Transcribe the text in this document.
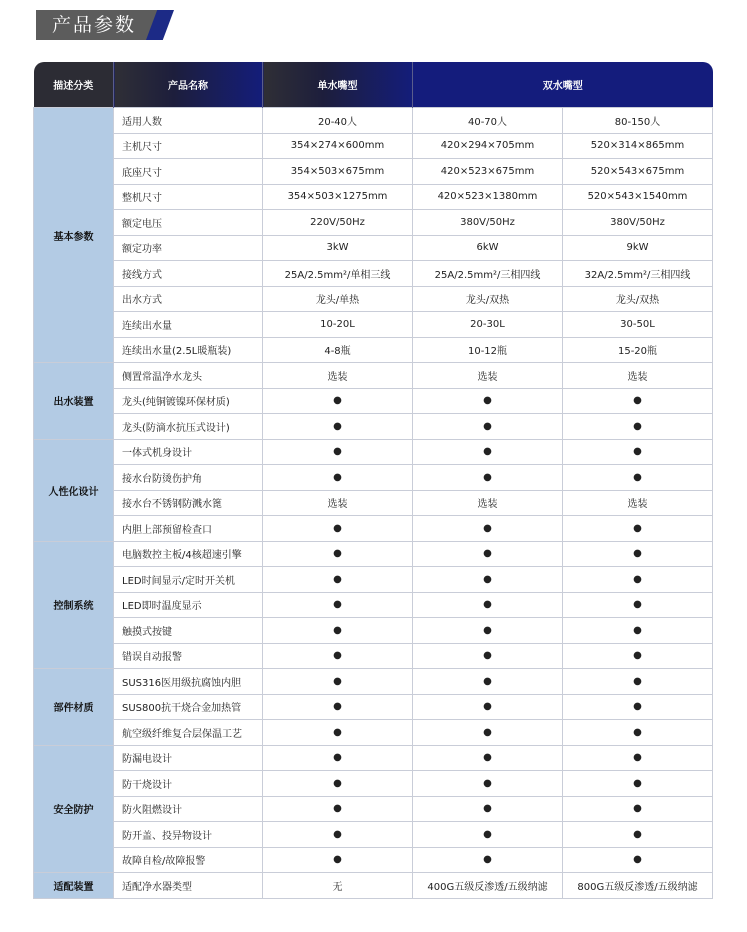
产品参数
描述分类	产品名称	单水嘴型	双水嘴型	
基本参数	适用人数	20-40人	40-70人	80-150人
	主机尺寸	354×274×600mm	420×294×705mm	520×314×865mm
	底座尺寸	354×503×675mm	420×523×675mm	520×543×675mm
	整机尺寸	354×503×1275mm	420×523×1380mm	520×543×1540mm
	额定电压	220V/50Hz	380V/50Hz	380V/50Hz
	额定功率	3kW	6kW	9kW
	接线方式	25A/2.5mm²/单相三线	25A/2.5mm²/三相四线	32A/2.5mm²/三相四线
	出水方式	龙头/单热	龙头/双热	龙头/双热
	连续出水量	10-20L	20-30L	30-50L
	连续出水量(2.5L暖瓶装)	4-8瓶	10-12瓶	15-20瓶
出水装置	侧置常温净水龙头	选装	选装	选装
	龙头(纯铜镀镍环保材质)	●	●	●
	龙头(防滴水抗压式设计)	●	●	●
人性化设计	一体式机身设计	●	●	●
	接水台防烫伤护角	●	●	●
	接水台不锈钢防溅水篦	选装	选装	选装
	内胆上部预留检查口	●	●	●
控制系统	电脑数控主板/4核超速引擎	●	●	●
	LED时间显示/定时开关机	●	●	●
	LED即时温度显示	●	●	●
	触摸式按键	●	●	●
	错误自动报警	●	●	●
部件材质	SUS316医用级抗腐蚀内胆	●	●	●
	SUS800抗干烧合金加热管	●	●	●
	航空级纤维复合层保温工艺	●	●	●
安全防护	防漏电设计	●	●	●
	防干烧设计	●	●	●
	防火阻燃设计	●	●	●
	防开盖、投异物设计	●	●	●
	故障自检/故障报警	●	●	●
适配装置	适配净水器类型	无	400G五级反渗透/五级纳滤	800G五级反渗透/五级纳滤
